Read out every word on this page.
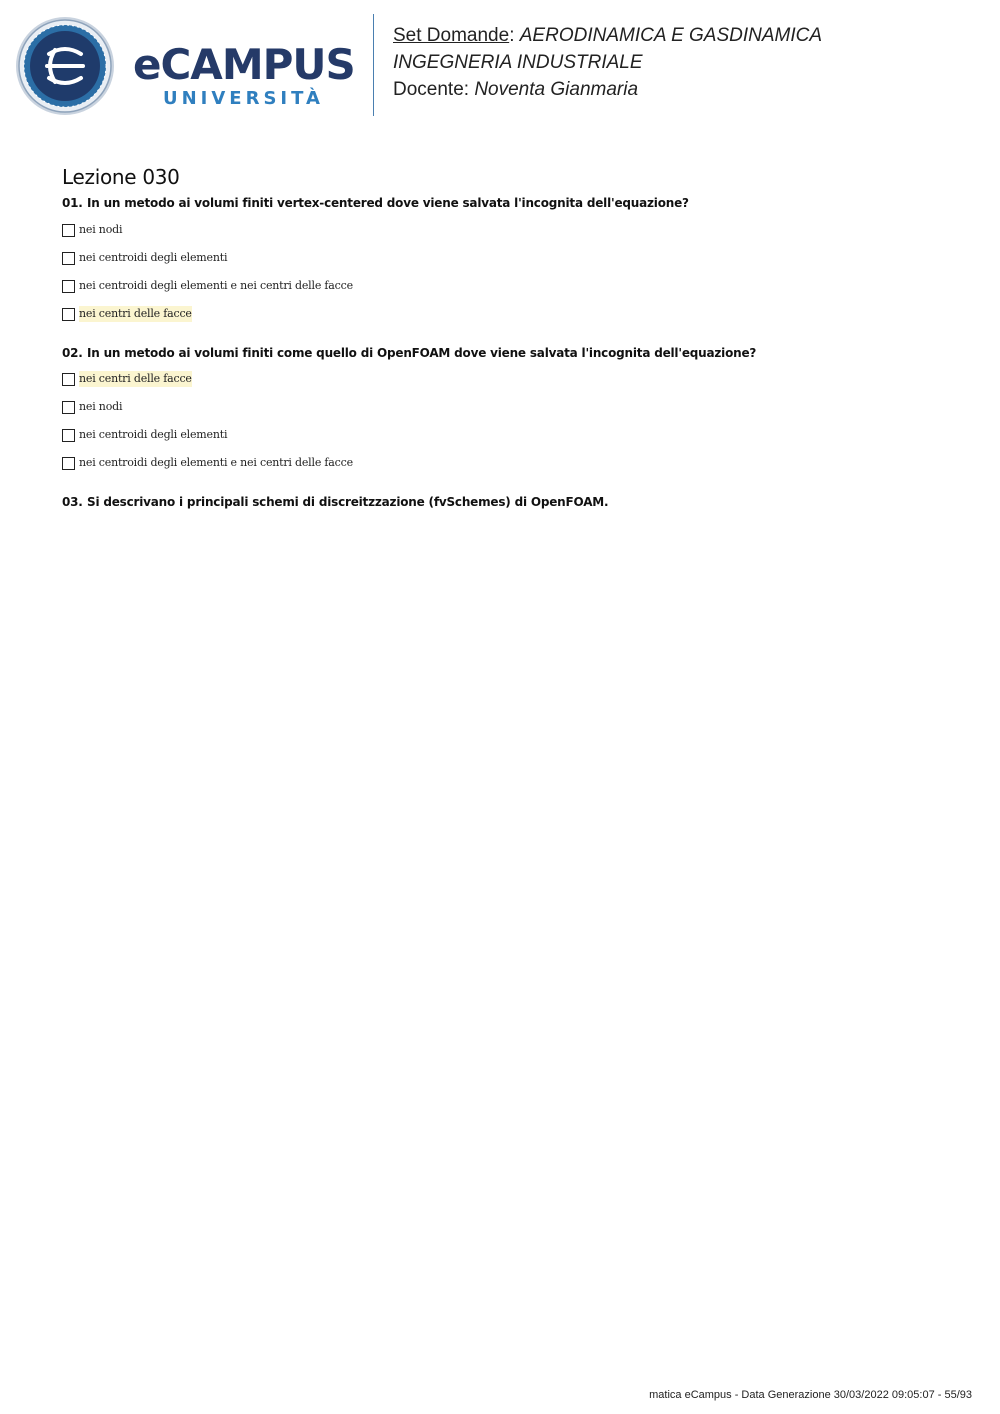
eCAMPUS
UNIVERSITÀ
Set Domande: AERODINAMICA E GASDINAMICA
INGEGNERIA INDUSTRIALE
Docente: Noventa Gianmaria
Lezione 030
01. In un metodo ai volumi finiti vertex-centered dove viene salvata l'incognita dell'equazione?
nei nodi
nei centroidi degli elementi
nei centroidi degli elementi e nei centri delle facce
nei centri delle facce
02. In un metodo ai volumi finiti come quello di OpenFOAM dove viene salvata l'incognita dell'equazione?
nei centri delle facce
nei nodi
nei centroidi degli elementi
nei centroidi degli elementi e nei centri delle facce
03. Si descrivano i principali schemi di discreitzzazione (fvSchemes) di OpenFOAM.
matica eCampus - Data Generazione 30/03/2022 09:05:07 - 55/93
